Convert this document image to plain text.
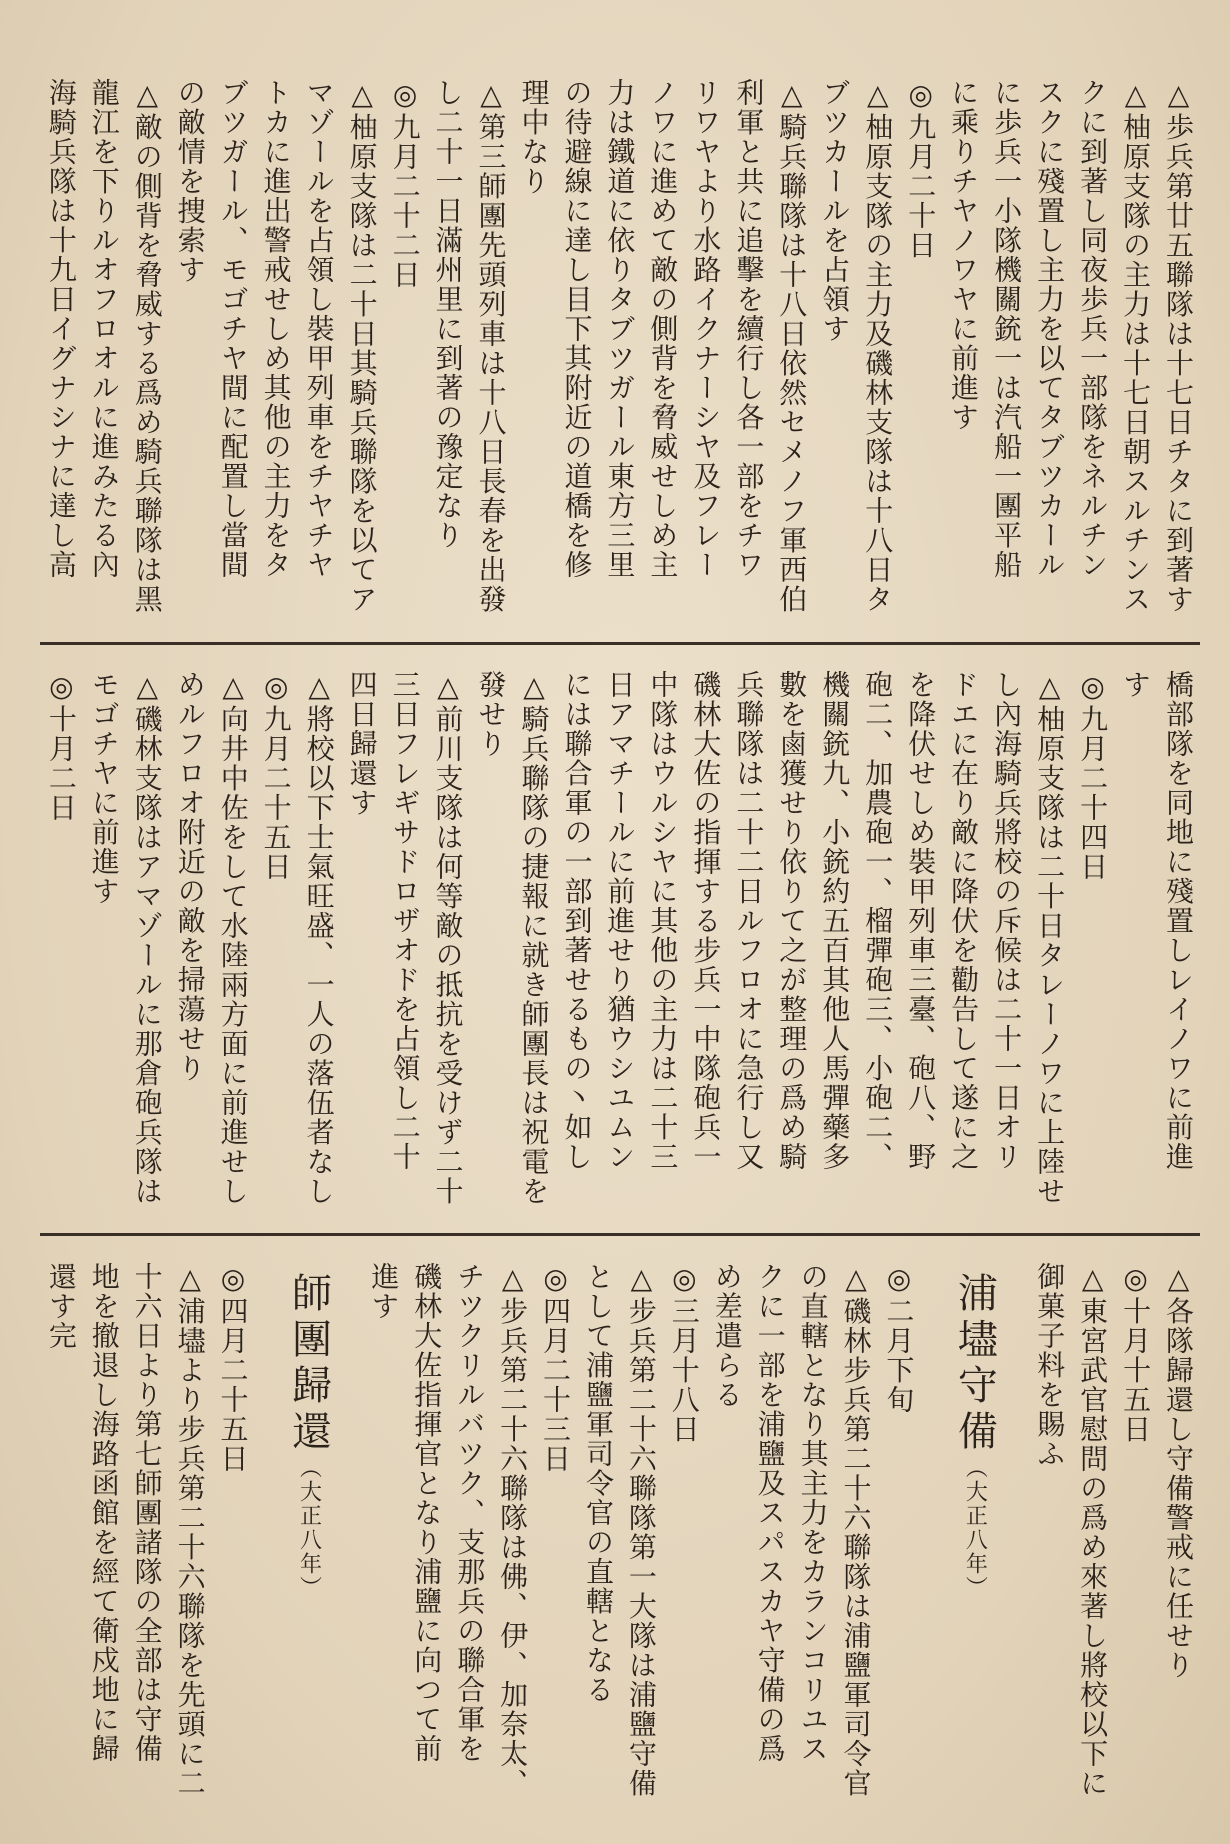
△歩兵第廿五聯隊は十七日チタに到著す
△柚原支隊の主力は十七日朝スルチンス
クに到著し同夜歩兵一部隊をネルチン
スクに殘置し主力を以てタブツカール
に歩兵一小隊機關銃一は汽船一團平船
に乘りチヤノワヤに前進す
◎九月二十日
△柚原支隊の主力及磯林支隊は十八日タ
ブツカールを占領す
△騎兵聯隊は十八日依然セメノフ軍西伯
利軍と共に追擊を續行し各一部をチワ
リワヤより水路イクナーシヤ及フレー
ノワに進めて敵の側背を脅威せしめ主
力は鐵道に依りタブツガール東方三里
の待避線に達し目下其附近の道橋を修
理中なり
△第三師團先頭列車は十八日長春を出發
し二十一日滿州里に到著の豫定なり
◎九月二十二日
△柚原支隊は二十日其騎兵聯隊を以てア
マゾールを占領し裝甲列車をチヤチヤ
トカに進出警戒せしめ其他の主力をタ
ブツガール、モゴチヤ間に配置し當間
の敵情を捜索す
△敵の側背を脅威する爲め騎兵聯隊は黑
龍江を下りルオフロオルに進みたる內
海騎兵隊は十九日イグナシナに達し高
橋部隊を同地に殘置しレイノワに前進
す
◎九月二十四日
△柚原支隊は二十日タレーノワに上陸せ
し內海騎兵將校の斥候は二十一日オリ
ドエに在り敵に降伏を勸告して遂に之
を降伏せしめ裝甲列車三臺、砲八、野
砲二、加農砲一、榴彈砲三、小砲二、
機關銃九、小銃約五百其他人馬彈藥多
數を鹵獲せり依りて之が整理の爲め騎
兵聯隊は二十二日ルフロオに急行し又
磯林大佐の指揮する步兵一中隊砲兵一
中隊はウルシヤに其他の主力は二十三
日アマチールに前進せり猶ウシユムン
には聯合軍の一部到著せるもの丶如し
△騎兵聯隊の捷報に就き師團長は祝電を
發せり
△前川支隊は何等敵の抵抗を受けず二十
三日フレギサドロザオドを占領し二十
四日歸還す
△將校以下士氣旺盛、一人の落伍者なし
◎九月二十五日
△向井中佐をして水陸兩方面に前進せし
めルフロオ附近の敵を掃蕩せり
△磯林支隊はアマゾールに那倉砲兵隊は
モゴチヤに前進す
◎十月二日
△各隊歸還し守備警戒に任せり
◎十月十五日
△東宮武官慰問の爲め來著し將校以下に
御菓子料を賜ふ
浦壗守備（大正八年）
◎二月下旬
△磯林步兵第二十六聯隊は浦鹽軍司令官
の直轄となり其主力をカランコリユス
クに一部を浦鹽及スパスカヤ守備の爲
め差遣らる
◎三月十八日
△步兵第二十六聯隊第一大隊は浦鹽守備
として浦鹽軍司令官の直轄となる
◎四月二十三日
△步兵第二十六聯隊は佛、伊、加奈太、
チツクリルバツク、支那兵の聯合軍を
磯林大佐指揮官となり浦鹽に向つて前
進す
師團歸還（大正八年）
◎四月二十五日
△浦壗より步兵第二十六聯隊を先頭に二
十六日より第七師團諸隊の全部は守備
地を撤退し海路函館を經て衛戍地に歸
還す完
